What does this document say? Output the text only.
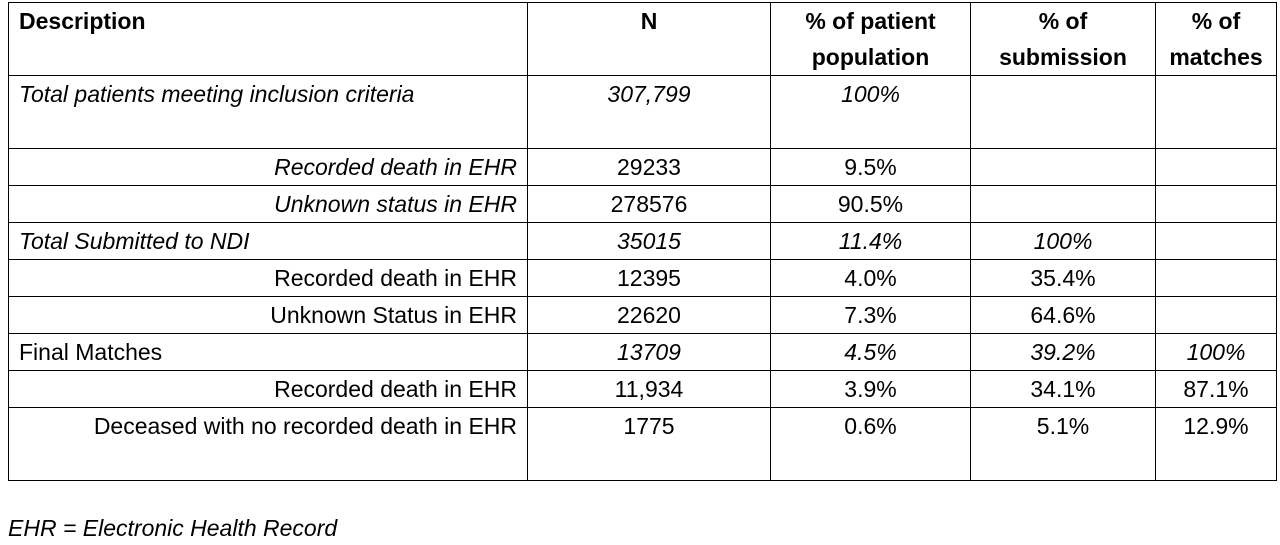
Description	N	% of patient population	% of submission	% of matches
Total patients meeting inclusion criteria	307,799	100%		
Recorded death in EHR	29233	9.5%		
Unknown status in EHR	278576	90.5%		
Total Submitted to NDI	35015	11.4%	100%	
Recorded death in EHR	12395	4.0%	35.4%	
Unknown Status in EHR	22620	7.3%	64.6%	
Final Matches	13709	4.5%	39.2%	100%
Recorded death in EHR	11,934	3.9%	34.1%	87.1%
Deceased with no recorded death in EHR	1775	0.6%	5.1%	12.9%
EHR = Electronic Health Record
